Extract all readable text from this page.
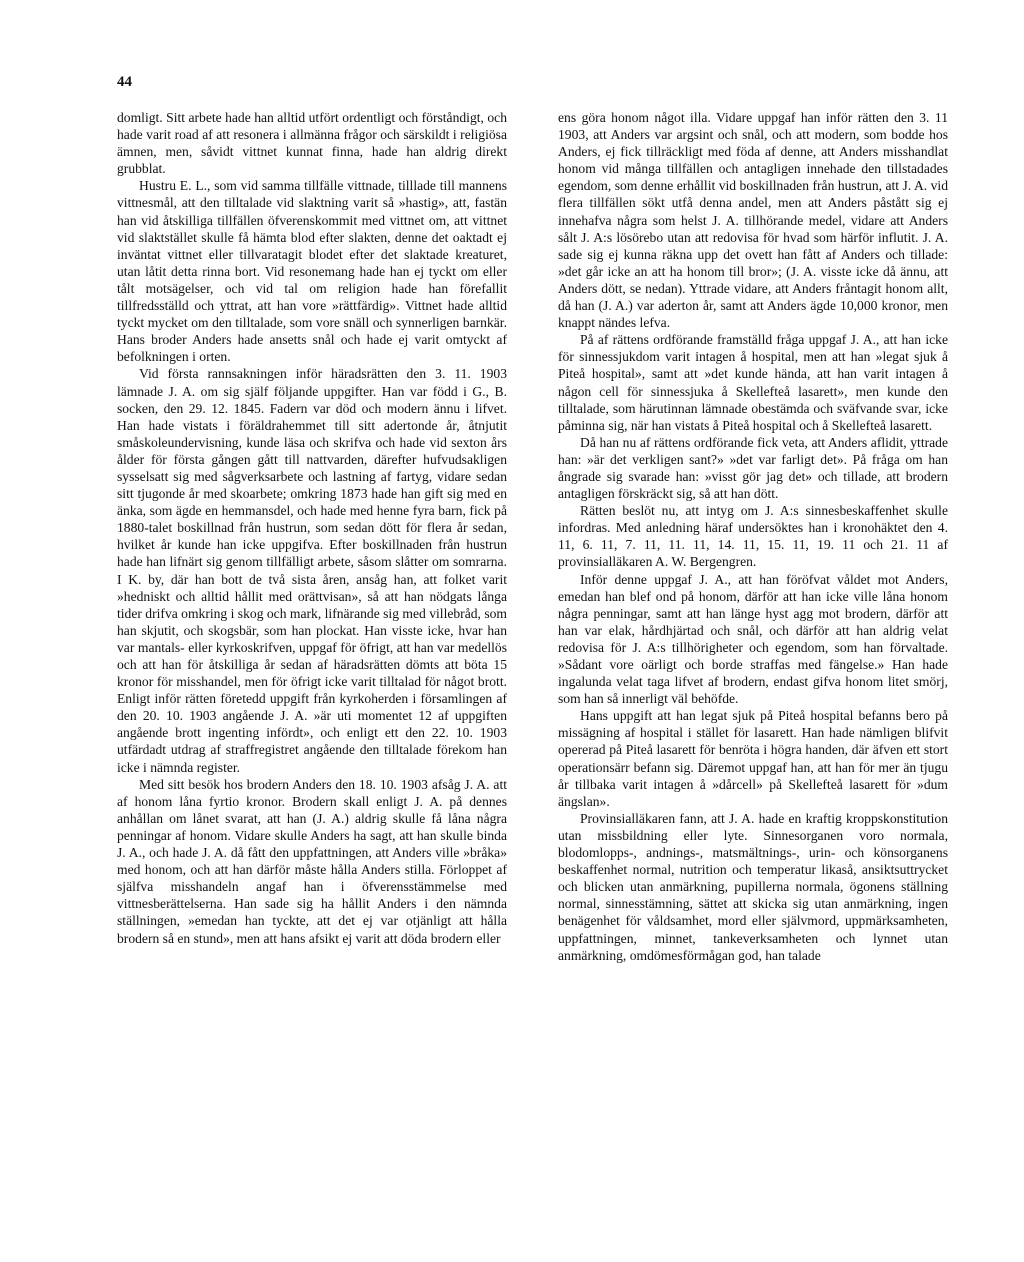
44

domligt. Sitt arbete hade han alltid utfört ordentligt och förståndigt, och hade varit road af att resonera i allmänna frågor och särskildt i religiösa ämnen, men, såvidt vittnet kunnat finna, hade han aldrig direkt grubblat.

Hustru E. L., som vid samma tillfälle vittnade, tilllade till mannens vittnesmål, att den tilltalade vid slaktning varit så »hastig», att, fastän han vid åtskilliga tillfällen öfverenskommit med vittnet om, att vittnet vid slaktstället skulle få hämta blod efter slakten, denne det oaktadt ej inväntat vittnet eller tillvaratagit blodet efter det slaktade kreaturet, utan låtit detta rinna bort. Vid resonemang hade han ej tyckt om eller tålt motsägelser, och vid tal om religion hade han förefallit tillfredsställd och yttrat, att han vore »rättfärdig». Vittnet hade alltid tyckt mycket om den tilltalade, som vore snäll och synnerligen barnkär. Hans broder Anders hade ansetts snål och hade ej varit omtyckt af befolkningen i orten.

Vid första rannsakningen inför häradsrätten den 3. 11. 1903 lämnade J. A. om sig själf följande uppgifter. Han var född i G., B. socken, den 29. 12. 1845. Fadern var död och modern ännu i lifvet. Han hade vistats i föräldrahemmet till sitt adertonde år, åtnjutit småskoleundervisning, kunde läsa och skrifva och hade vid sexton års ålder för första gången gått till nattvarden, därefter hufvudsakligen sysselsatt sig med sågverksarbete och lastning af fartyg, vidare sedan sitt tjugonde år med skoarbete; omkring 1873 hade han gift sig med en änka, som ägde en hemmansdel, och hade med henne fyra barn, fick på 1880-talet boskillnad från hustrun, som sedan dött för flera år sedan, hvilket år kunde han icke uppgifva. Efter boskillnaden från hustrun hade han lifnärt sig genom tillfälligt arbete, såsom slåtter om somrarna. I K. by, där han bott de två sista åren, ansåg han, att folket varit »hedniskt och alltid hållit med orättvisan», så att han nödgats långa tider drifva omkring i skog och mark, lifnärande sig med villebråd, som han skjutit, och skogsbär, som han plockat. Han visste icke, hvar han var mantals- eller kyrkoskrifven, uppgaf för öfrigt, att han var medellös och att han för åtskilliga år sedan af häradsrätten dömts att böta 15 kronor för misshandel, men för öfrigt icke varit tilltalad för något brott. Enligt inför rätten företedd uppgift från kyrkoherden i församlingen af den 20. 10. 1903 angående J. A. »är uti momentet 12 af uppgiften angående brott ingenting infördt», och enligt ett den 22. 10. 1903 utfärdadt utdrag af straffregistret angående den tilltalade förekom han icke i nämnda register.

Med sitt besök hos brodern Anders den 18. 10. 1903 afsåg J. A. att af honom låna fyrtio kronor. Brodern skall enligt J. A. på dennes anhållan om lånet svarat, att han (J. A.) aldrig skulle få låna några penningar af honom. Vidare skulle Anders ha sagt, att han skulle binda J. A., och hade J. A. då fått den uppfattningen, att Anders ville »bråka» med honom, och att han därför måste hålla Anders stilla. Förloppet af själfva misshandeln angaf han i öfverensstämmelse med vittnesberättelserna. Han sade sig ha hållit Anders i den nämnda ställningen, »emedan han tyckte, att det ej var otjänligt att hålla brodern så en stund», men att hans afsikt ej varit att döda brodern eller

ens göra honom något illa. Vidare uppgaf han inför rätten den 3. 11 1903, att Anders var argsint och snål, och att modern, som bodde hos Anders, ej fick tillräckligt med föda af denne, att Anders misshandlat honom vid många tillfällen och antagligen innehade den tillstadades egendom, som denne erhållit vid boskillnaden från hustrun, att J. A. vid flera tillfällen sökt utfå denna andel, men att Anders påstått sig ej innehafva några som helst J. A. tillhörande medel, vidare att Anders sålt J. A:s lösörebo utan att redovisa för hvad som härför influtit. J. A. sade sig ej kunna räkna upp det ovett han fått af Anders och tillade: »det går icke an att ha honom till bror»; (J. A. visste icke då ännu, att Anders dött, se nedan). Yttrade vidare, att Anders fråntagit honom allt, då han (J. A.) var aderton år, samt att Anders ägde 10,000 kronor, men knappt nändes lefva.

På af rättens ordförande framställd fråga uppgaf J. A., att han icke för sinnessjukdom varit intagen å hospital, men att han »legat sjuk å Piteå hospital», samt att »det kunde hända, att han varit intagen å någon cell för sinnessjuka å Skellefteå lasarett», men kunde den tilltalade, som härutinnan lämnade obestämda och sväfvande svar, icke påminna sig, när han vistats å Piteå hospital och å Skellefteå lasarett.

Då han nu af rättens ordförande fick veta, att Anders aflidit, yttrade han: »är det verkligen sant?» »det var farligt det». På fråga om han ångrade sig svarade han: »visst gör jag det» och tillade, att brodern antagligen förskräckt sig, så att han dött.

Rätten beslöt nu, att intyg om J. A:s sinnesbeskaffenhet skulle infordras. Med anledning häraf undersöktes han i kronohäktet den 4. 11, 6. 11, 7. 11, 11. 11, 14. 11, 15. 11, 19. 11 och 21. 11 af provinsialläkaren A. W. Bergengren.

Inför denne uppgaf J. A., att han föröfvat våldet mot Anders, emedan han blef ond på honom, därför att han icke ville låna honom några penningar, samt att han länge hyst agg mot brodern, därför att han var elak, hårdhjärtad och snål, och därför att han aldrig velat redovisa för J. A:s tillhörigheter och egendom, som han förvaltade. »Sådant vore oärligt och borde straffas med fängelse.» Han hade ingalunda velat taga lifvet af brodern, endast gifva honom litet smörj, som han så innerligt väl behöfde.

Hans uppgift att han legat sjuk på Piteå hospital befanns bero på missägning af hospital i stället för lasarett. Han hade nämligen blifvit opererad på Piteå lasarett för benröta i högra handen, där äfven ett stort operationsärr befann sig. Däremot uppgaf han, att han för mer än tjugu år tillbaka varit intagen å »dårcell» på Skellefteå lasarett för »dum ängslan».

Provinsialläkaren fann, att J. A. hade en kraftig kroppskonstitution utan missbildning eller lyte. Sinnesorganen voro normala, blodomlopps-, andnings-, matsmältnings-, urin- och könsorganens beskaffenhet normal, nutrition och temperatur likaså, ansiktsuttrycket och blicken utan anmärkning, pupillerna normala, ögonens ställning normal, sinnesstämning, sättet att skicka sig utan anmärkning, ingen benägenhet för våldsamhet, mord eller självmord, uppmärksamheten, uppfattningen, minnet, tankeverksamheten och lynnet utan anmärkning, omdömesförmågan god, han talade
